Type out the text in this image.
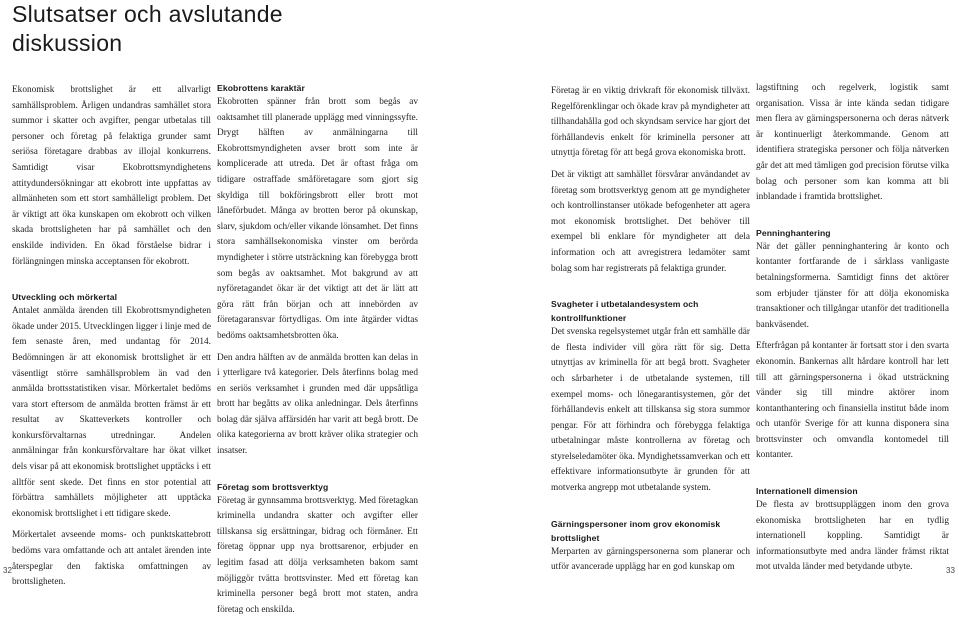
Slutsatser och avslutande
diskussion

Ekonomisk brottslighet är ett allvarligt samhällsproblem. Årligen undandras samhället stora summor i skatter och avgifter, pengar utbetalas till personer och företag på felaktiga grunder samt seriösa företagare drabbas av illojal konkurrens. Samtidigt visar Ekobrottsmyndighetens attitydundersökningar att ekobrott inte uppfattas av allmänheten som ett stort samhälleligt problem. Det är viktigt att öka kunskapen om ekobrott och vilken skada brottsligheten har på samhället och den enskilde individen. En ökad förståelse bidrar i förlängningen minska acceptansen för ekobrott.

Utveckling och mörkertal

Antalet anmälda ärenden till Ekobrottsmyndigheten ökade under 2015. Utvecklingen ligger i linje med de fem senaste åren, med undantag för 2014. Bedömningen är att ekonomisk brottslighet är ett väsentligt större samhällsproblem än vad den anmälda brottsstatistiken visar. Mörkertalet bedöms vara stort eftersom de anmälda brotten främst är ett resultat av Skatteverkets kontroller och konkursförvaltarnas utredningar. Andelen anmälningar från konkursförvaltare har ökat vilket dels visar på att ekonomisk brottslighet upptäcks i ett alltför sent skede. Det finns en stor potential att förbättra samhällets möjligheter att upptäcka ekonomisk brottslighet i ett tidigare skede.

Mörkertalet avseende moms- och punktskattebrott bedöms vara omfattande och att antalet ärenden inte återspeglar den faktiska omfattningen av brottsligheten.

Ekobrottens karaktär

Ekobrotten spänner från brott som begås av oaktsamhet till planerade upplägg med vinningssyfte. Drygt hälften av anmälningarna till Ekobrottsmyndigheten avser brott som inte är komplicerade att utreda. Det är oftast fråga om tidigare ostraffade småföretagare som gjort sig skyldiga till bokföringsbrott eller brott mot låneförbudet. Många av brotten beror på okunskap, slarv, sjukdom och/eller vikande lönsamhet. Det finns stora samhällsekonomiska vinster om berörda myndigheter i större utsträckning kan förebygga brott som begås av oaktsamhet. Mot bakgrund av att nyföretagandet ökar är det viktigt att det är lätt att göra rätt från början och att innebörden av företagaransvar förtydligas. Om inte åtgärder vidtas bedöms oaktsamhetsbrotten öka.

Den andra hälften av de anmälda brotten kan delas in i ytterligare två kategorier. Dels återfinns bolag med en seriös verksamhet i grunden med där uppsåtliga brott har begåtts av olika anledningar. Dels återfinns bolag där själva affärsidén har varit att begå brott. De olika kategorierna av brott kräver olika strategier och insatser.

Företag som brottsverktyg

Företag är gynnsamma brottsverktyg. Med företagkan kriminella undandra skatter och avgifter eller tillskansa sig ersättningar, bidrag och förmåner. Ett företag öppnar upp nya brottsarenor, erbjuder en legitim fasad att dölja verksamheten bakom samt möjliggör tvätta brottsvinster. Med ett företag kan kriminella personer begå brott mot staten, andra företag och enskilda.

Företag är en viktig drivkraft för ekonomisk tillväxt. Regelförenklingar och ökade krav på myndigheter att tillhandahålla god och skyndsam service har gjort det förhållandevis enkelt för kriminella personer att utnyttja företag för att begå grova ekonomiska brott.

Det är viktigt att samhället försvårar användandet av företag som brottsverktyg genom att ge myndigheter och kontrollinstanser utökade befogenheter att agera mot ekonomisk brottslighet. Det behöver till exempel bli enklare för myndigheter att dela information och att avregistrera ledamöter samt bolag som har registrerats på felaktiga grunder.

Svagheter i utbetalandesystem och kontrollfunktioner

Det svenska regelsystemet utgår från ett samhälle där de flesta individer vill göra rätt för sig. Detta utnyttjas av kriminella för att begå brott. Svagheter och sårbarheter i de utbetalande systemen, till exempel moms- och lönegarantisystemen, gör det förhållandevis enkelt att tillskansa sig stora summor pengar. För att förhindra och förebygga felaktiga utbetalningar måste kontrollerna av företag och styrelseledamöter öka. Myndighetssamverkan och ett effektivare informationsutbyte är grunden för att motverka angrepp mot utbetalande system.

Gärningspersoner inom grov ekonomisk brottslighet

Merparten av gärningspersonerna som planerar och utför avancerade upplägg har en god kunskap om

lagstiftning och regelverk, logistik samt organisation. Vissa är inte kända sedan tidigare men flera av gärningspersonerna och deras nätverk är kontinuerligt återkommande. Genom att identifiera strategiska personer och följa nätverken går det att med tämligen god precision förutse vilka bolag och personer som kan komma att bli inblandade i framtida brottslighet.

Penninghantering

När det gäller penninghantering är konto och kontanter fortfarande de i särklass vanligaste betalningsformerna. Samtidigt finns det aktörer som erbjuder tjänster för att dölja ekonomiska transaktioner och tillgångar utanför det traditionella bankväsendet.

Efterfrågan på kontanter är fortsatt stor i den svarta ekonomin. Bankernas allt hårdare kontroll har lett till att gärningspersonerna i ökad utsträckning vänder sig till mindre aktörer inom kontanthantering och finansiella institut både inom och utanför Sverige för att kunna disponera sina brottsvinster och omvandla kontomedel till kontanter.

Internationell dimension

De flesta av brottsuppläggen inom den grova ekonomiska brottsligheten har en tydlig internationell koppling. Samtidigt är informationsutbyte med andra länder främst riktat mot utvalda länder med betydande utbyte.

32	33
